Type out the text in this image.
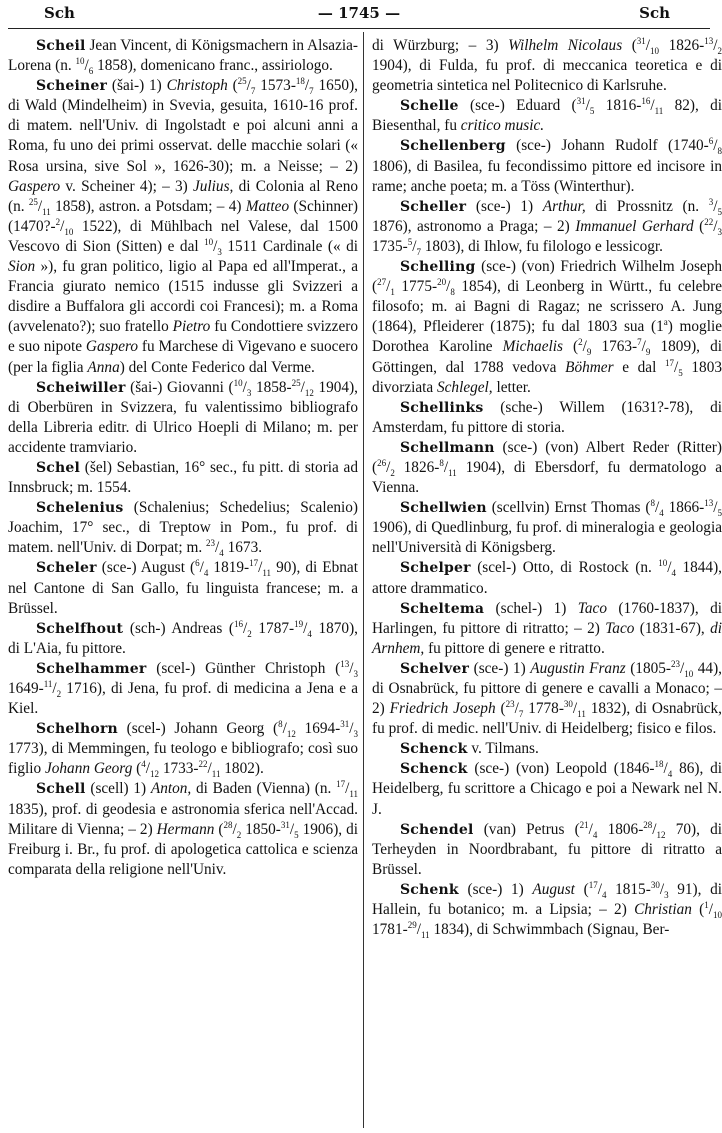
— 1745 —
Sch	Sch

Scheil Jean Vincent, di Königsmachern in Alsazia-Lorena (n. $^{10}/_6$ 1858), domenicano franc., assiriologo.

Scheiner (šai-) 1) Christoph ($^{25}/_7$ $1573-^{18}/_7$ 1650), di Wald (Mindelheim) in Svevia, gesuita, 1610-16 prof. di matem. nell'Univ. di Ingolstadt e poi alcuni anni a Roma, fu uno dei primi osservat. delle macchie solari (« Rosa ursina, sive Sol », 1626-30); m. a Neisse; – 2) Gaspero v. Scheiner 4); – 3) Julius, di Colonia al Reno (n. $^{25}/_{11}$ 1858), astron. a Potsdam; – 4) Matteo (Schinner) ($1470?-^2/_{10}$ 1522), di Mühlbach nel Valese, dal 1500 Vescovo di Sion (Sitten) e dal $^{10}/_3$ 1511 Cardinale (« di Sion »), fu gran politico, ligio al Papa ed all'Imperat., a Francia giurato nemico (1515 indusse gli Svizzeri a disdire a Buffalora gli accordi coi Francesi); m. a Roma (avvelenato?); suo fratello Pietro fu Condottiere svizzero e suo nipote Gaspero fu Marchese di Vigevano e suocero (per la figlia Anna) del Conte Federico dal Verme.

Scheiwiller (šai-) Giovanni ($^{10}/_3$ $1858-^{25}/_{12}$ 1904), di Oberbüren in Svizzera, fu valentissimo bibliografo della Libreria editr. di Ulrico Hoepli di Milano; m. per accidente tramviario.

Schel (šel) Sebastian, 16° sec., fu pitt. di storia ad Innsbruck; m. 1554.

Schelenius (Schalenius; Schedelius; Scalenio) Joachim, 17° sec., di Treptow in Pom., fu prof. di matem. nell'Univ. di Dorpat; m. $^{23}/_4$ 1673.

Scheler (sce-) August ($^6/_4$ $1819-^{17}/_{11}$ 90), di Ebnat nel Cantone di San Gallo, fu linguista francese; m. a Brüssel.

Schelfhout (sch-) Andreas ($^{16}/_2$ $1787-^{19}/_4$ 1870), di L'Aia, fu pittore.

Schelhammer (scel-) Günther Christoph ($^{13}/_3$ $1649-^{11}/_2$ 1716), di Jena, fu prof. di medicina a Jena e a Kiel.

Schelhorn (scel-) Johann Georg ($^8/_{12}$ $1694-^{31}/_3$ 1773), di Memmingen, fu teologo e bibliografo; così suo figlio Johann Georg ($^4/_{12}$ $1733-^{22}/_{11}$ 1802).

Schell (scell) 1) Anton, di Baden (Vienna) (n. $^{17}/_{11}$ 1835), prof. di geodesia e astronomia sferica nell'Accad. Militare di Vienna; – 2) Hermann ($^{28}/_2$ $1850-^{31}/_5$ 1906), di Freiburg i. Br., fu prof. di apologetica cattolica e scienza comparata della religione nell'Univ.

di Würzburg; – 3) Wilhelm Nicolaus ($^{31}/_{10}$ $1826-^{13}/_2$ 1904), di Fulda, fu prof. di meccanica teoretica e di geometria sintetica nel Politecnico di Karlsruhe.

Schelle (sce-) Eduard ($^{31}/_5$ $1816-^{16}/_{11}$ 82), di Biesenthal, fu critico music.

Schellenberg (sce-) Johann Rudolf ($1740-^6/_8$ 1806), di Basilea, fu fecondissimo pittore ed incisore in rame; anche poeta; m. a Töss (Winterthur).

Scheller (sce-) 1) Arthur, di Prossnitz (n. $^3/_5$ 1876), astronomo a Praga; – 2) Immanuel Gerhard ($^{22}/_3$ $1735-^5/_7$ 1803), di Ihlow, fu filologo e lessicogr.

Schelling (sce-) (von) Friedrich Wilhelm Joseph ($^{27}/_1$ $1775-^{20}/_8$ 1854), di Leonberg in Württ., fu celebre filosofo; m. ai Bagni di Ragaz; ne scrissero A. Jung (1864), Pfleiderer (1875); fu dal 1803 sua (1$^a$) moglie Dorothea Karoline Michaelis ($^2/_9$ $1763-^7/_9$ 1809), di Göttingen, dal 1788 vedova Böhmer e dal $^{17}/_5$ 1803 divorziata Schlegel, letter.

Schellinks (sche-) Willem (1631?-78), di Amsterdam, fu pittore di storia.

Schellmann (sce-) (von) Albert Reder (Ritter) ($^{26}/_2$ $1826-^8/_{11}$ 1904), di Ebersdorf, fu dermatologo a Vienna.

Schellwien (scellvin) Ernst Thomas ($^8/_4$ $1866-^{13}/_5$ 1906), di Quedlinburg, fu prof. di mineralogia e geologia nell'Università di Königsberg.

Schelper (scel-) Otto, di Rostock (n. $^{10}/_4$ 1844), attore drammatico.

Scheltema (schel-) 1) Taco (1760-1837), di Harlingen, fu pittore di ritratto; – 2) Taco (1831-67), di Arnhem, fu pittore di genere e ritratto.

Schelver (sce-) 1) Augustin Franz ($1805-^{23}/_{10}$ 44), di Osnabrück, fu pittore di genere e cavalli a Monaco; – 2) Friedrich Joseph ($^{23}/_7$ $1778-^{30}/_{11}$ 1832), di Osnabrück, fu prof. di medic. nell'Univ. di Heidelberg; fisico e filos.

Schenck v. Tilmans.

Schenck (sce-) (von) Leopold ($1846-^{18}/_4$ 86), di Heidelberg, fu scrittore a Chicago e poi a Newark nel N. J.

Schendel (van) Petrus ($^{21}/_4$ $1806-^{28}/_{12}$ 70), di Terheyden in Noordbrabant, fu pittore di ritratto a Brüssel.

Schenk (sce-) 1) August ($^{17}/_4$ $1815-^{30}/_3$ 91), di Hallein, fu botanico; m. a Lipsia; – 2) Christian ($^1/_{10}$ $1781-^{29}/_{11}$ 1834), di Schwimmbach (Signau, Ber-
